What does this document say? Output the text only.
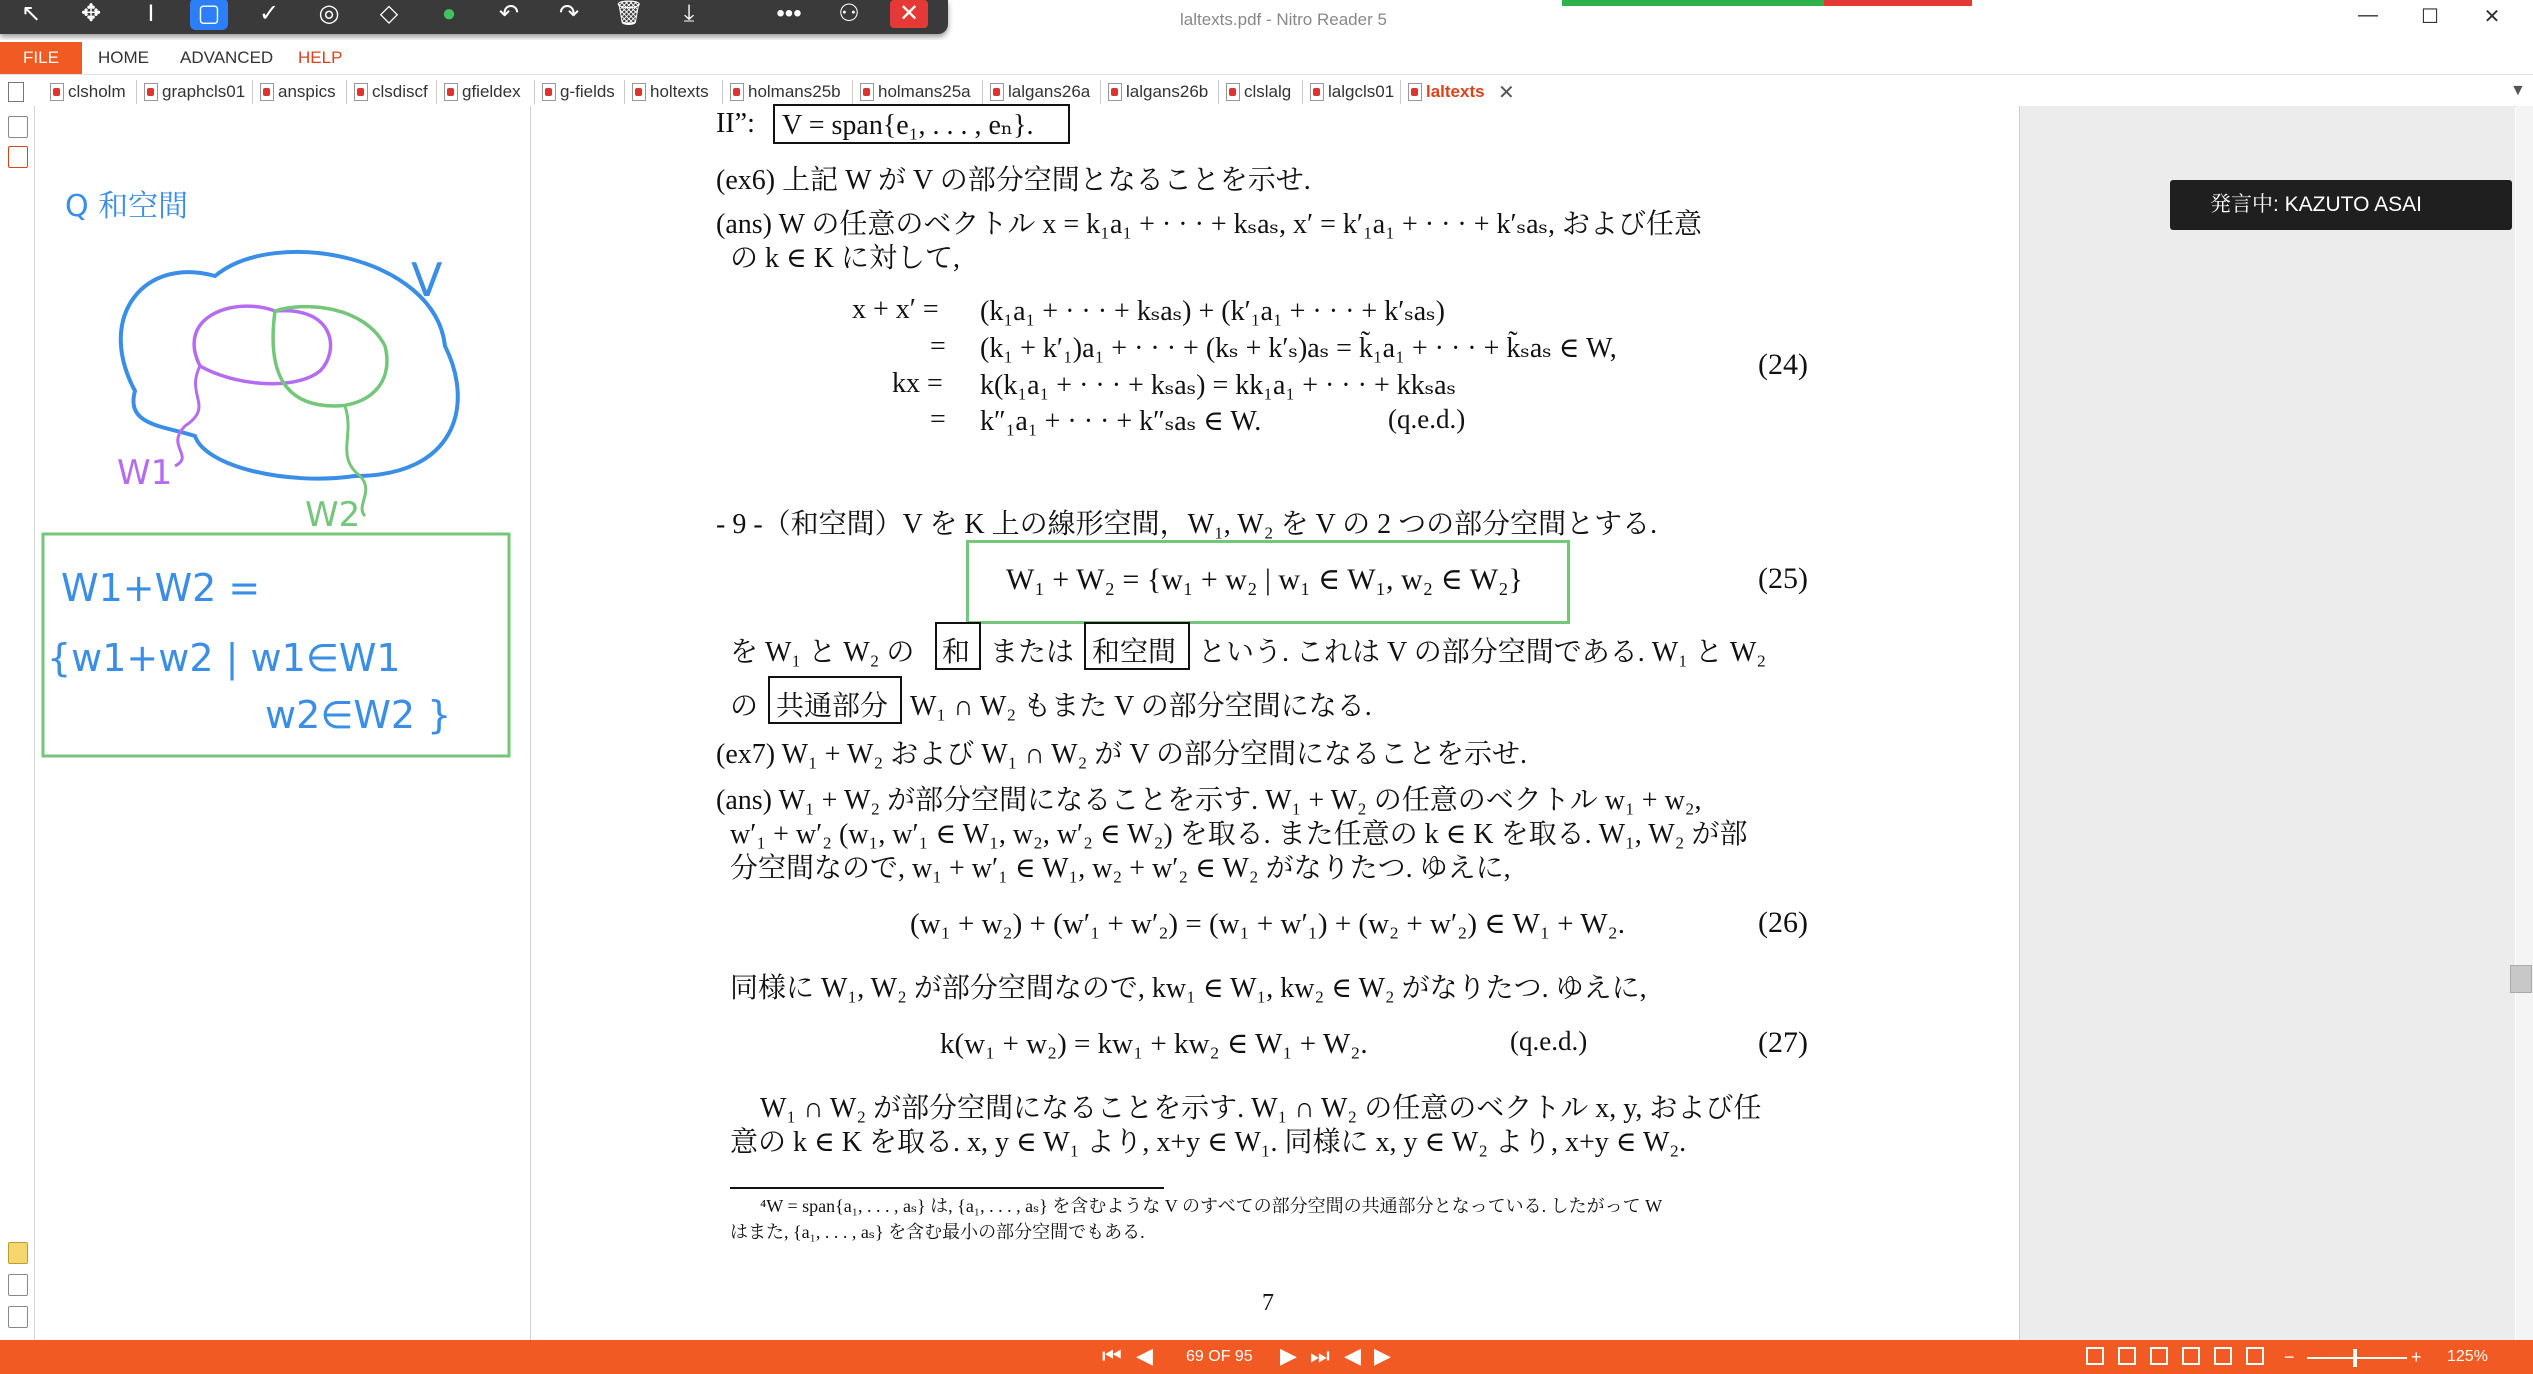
laltexts.pdf - Nitro Reader 5	—	☐	✕
↖	✥	I	▢	✓	◎	◇	●	↶	↷	🗑	⤓	•••	⚇	✕
FILE	HOME ADVANCED HELP
clsholm	graphcls01	anspics	clsdiscf	gfieldex	g-fields	holtexts	holmans25b	holmans25a	lalgans26a	lalgans26b	clslalg	lalgcls01	laltexts ✕	▼
Q 和空間
V
W1
W2
W1+W2 =
{w1+w2 | w1∈W1
w2∈W2 }
II”: V = span{e₁, . . . , eₙ}.
(ex6) 上記 W が V の部分空間となることを示せ.
(ans) W の任意のベクトル x = k₁a₁ + · · · + kₛaₛ, x′ = k′₁a₁ + · · · + k′ₛaₛ, および任意
の k ∈ K に対して,
x + x′ = (k₁a₁ + · · · + kₛaₛ) + (k′₁a₁ + · · · + k′ₛaₛ)
= (k₁ + k′₁)a₁ + · · · + (kₛ + k′ₛ)aₛ = k̃₁a₁ + · · · + k̃ₛaₛ ∈ W,
kx = k(k₁a₁ + · · · + kₛaₛ) = kk₁a₁ + · · · + kkₛaₛ
= k″₁a₁ + · · · + k″ₛaₛ ∈ W.	(q.e.d.)
(24)
- 9 -（和空間）V を K 上の線形空間，W₁, W₂ を V の 2 つの部分空間とする.
W₁ + W₂ = {w₁ + w₂ | w₁ ∈ W₁, w₂ ∈ W₂}	(25)
を W₁ と W₂ の 和 または 和空間 という. これは V の部分空間である. W₁ と W₂
の 共通部分 W₁ ∩ W₂ もまた V の部分空間になる.
(ex7) W₁ + W₂ および W₁ ∩ W₂ が V の部分空間になることを示せ.
(ans) W₁ + W₂ が部分空間になることを示す. W₁ + W₂ の任意のベクトル w₁ + w₂,
w′₁ + w′₂ (w₁, w′₁ ∈ W₁, w₂, w′₂ ∈ W₂) を取る. また任意の k ∈ K を取る. W₁, W₂ が部
分空間なので, w₁ + w′₁ ∈ W₁, w₂ + w′₂ ∈ W₂ がなりたつ. ゆえに,
(w₁ + w₂) + (w′₁ + w′₂) = (w₁ + w′₁) + (w₂ + w′₂) ∈ W₁ + W₂.	(26)
同様に W₁, W₂ が部分空間なので, kw₁ ∈ W₁, kw₂ ∈ W₂ がなりたつ. ゆえに,
k(w₁ + w₂) = kw₁ + kw₂ ∈ W₁ + W₂.	(q.e.d.)	(27)
W₁ ∩ W₂ が部分空間になることを示す. W₁ ∩ W₂ の任意のベクトル x, y, および任
意の k ∈ K を取る. x, y ∈ W₁ より, x+y ∈ W₁. 同様に x, y ∈ W₂ より, x+y ∈ W₂.
⁴W = span{a₁, . . . , aₛ} は, {a₁, . . . , aₛ} を含むような V のすべての部分空間の共通部分となっている. したがって W
はまた, {a₁, . . . , aₛ} を含む最小の部分空間でもある.
7
発言中: KAZUTO ASAI
⏮ ◀ 69 OF 95 ▶ ⏭ ◀ ▶	−	+ 125%
